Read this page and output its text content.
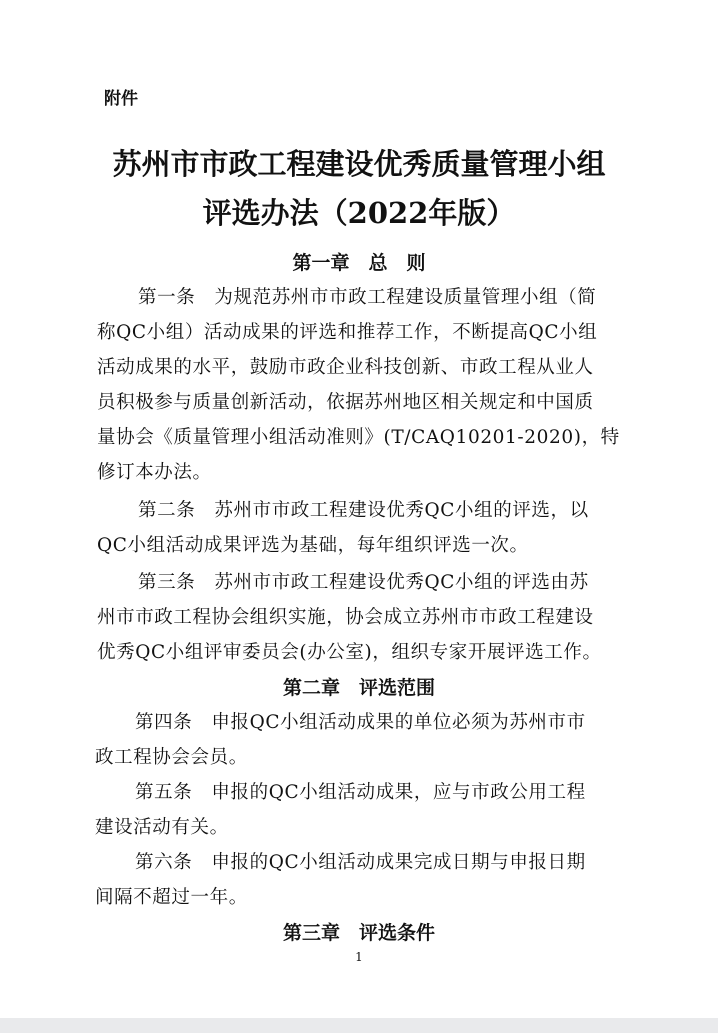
附件
苏州市市政工程建设优秀质量管理小组
评选办法（2022年版）
第一章　总　则
第一条　为规范苏州市市政工程建设质量管理小组（简
称QC小组）活动成果的评选和推荐工作，不断提高QC小组
活动成果的水平，鼓励市政企业科技创新、市政工程从业人
员积极参与质量创新活动，依据苏州地区相关规定和中国质
量协会《质量管理小组活动准则》(T/CAQ10201-2020)，特
修订本办法。
第二条　苏州市市政工程建设优秀QC小组的评选，以
QC小组活动成果评选为基础，每年组织评选一次。
第三条　苏州市市政工程建设优秀QC小组的评选由苏
州市市政工程协会组织实施，协会成立苏州市市政工程建设
优秀QC小组评审委员会(办公室)，组织专家开展评选工作。
第二章　评选范围
第四条　申报QC小组活动成果的单位必须为苏州市市
政工程协会会员。
第五条　申报的QC小组活动成果，应与市政公用工程
建设活动有关。
第六条　申报的QC小组活动成果完成日期与申报日期
间隔不超过一年。
第三章　评选条件
1
